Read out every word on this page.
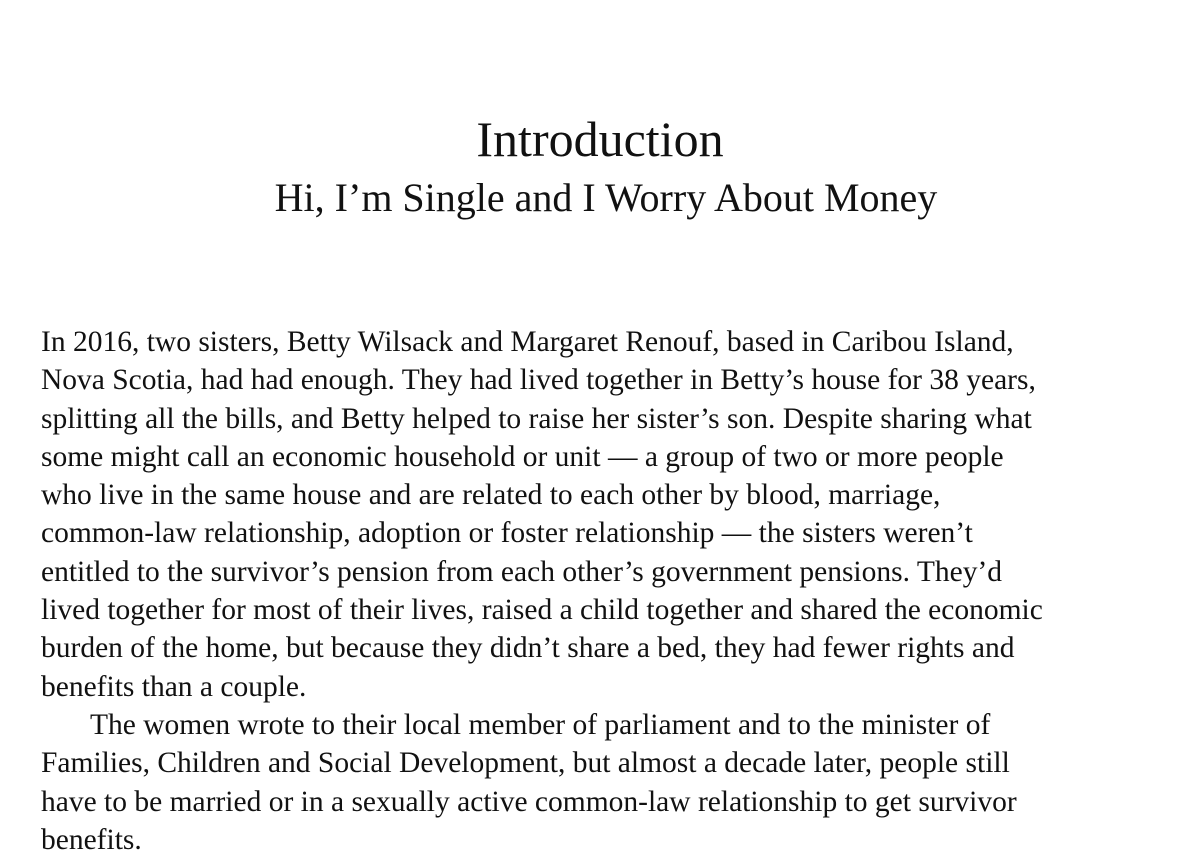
Introduction
Hi, I’m Single and I Worry About Money

In 2016, two sisters, Betty Wilsack and Margaret Renouf, based in Caribou Island,
Nova Scotia, had had enough. They had lived together in Betty’s house for 38 years,
splitting all the bills, and Betty helped to raise her sister’s son. Despite sharing what
some might call an economic household or unit — a group of two or more people
who live in the same house and are related to each other by blood, marriage,
common-law relationship, adoption or foster relationship — the sisters weren’t
entitled to the survivor’s pension from each other’s government pensions. They’d
lived together for most of their lives, raised a child together and shared the economic
burden of the home, but because they didn’t share a bed, they had fewer rights and
benefits than a couple.

The women wrote to their local member of parliament and to the minister of
Families, Children and Social Development, but almost a decade later, people still
have to be married or in a sexually active common-law relationship to get survivor
benefits.
